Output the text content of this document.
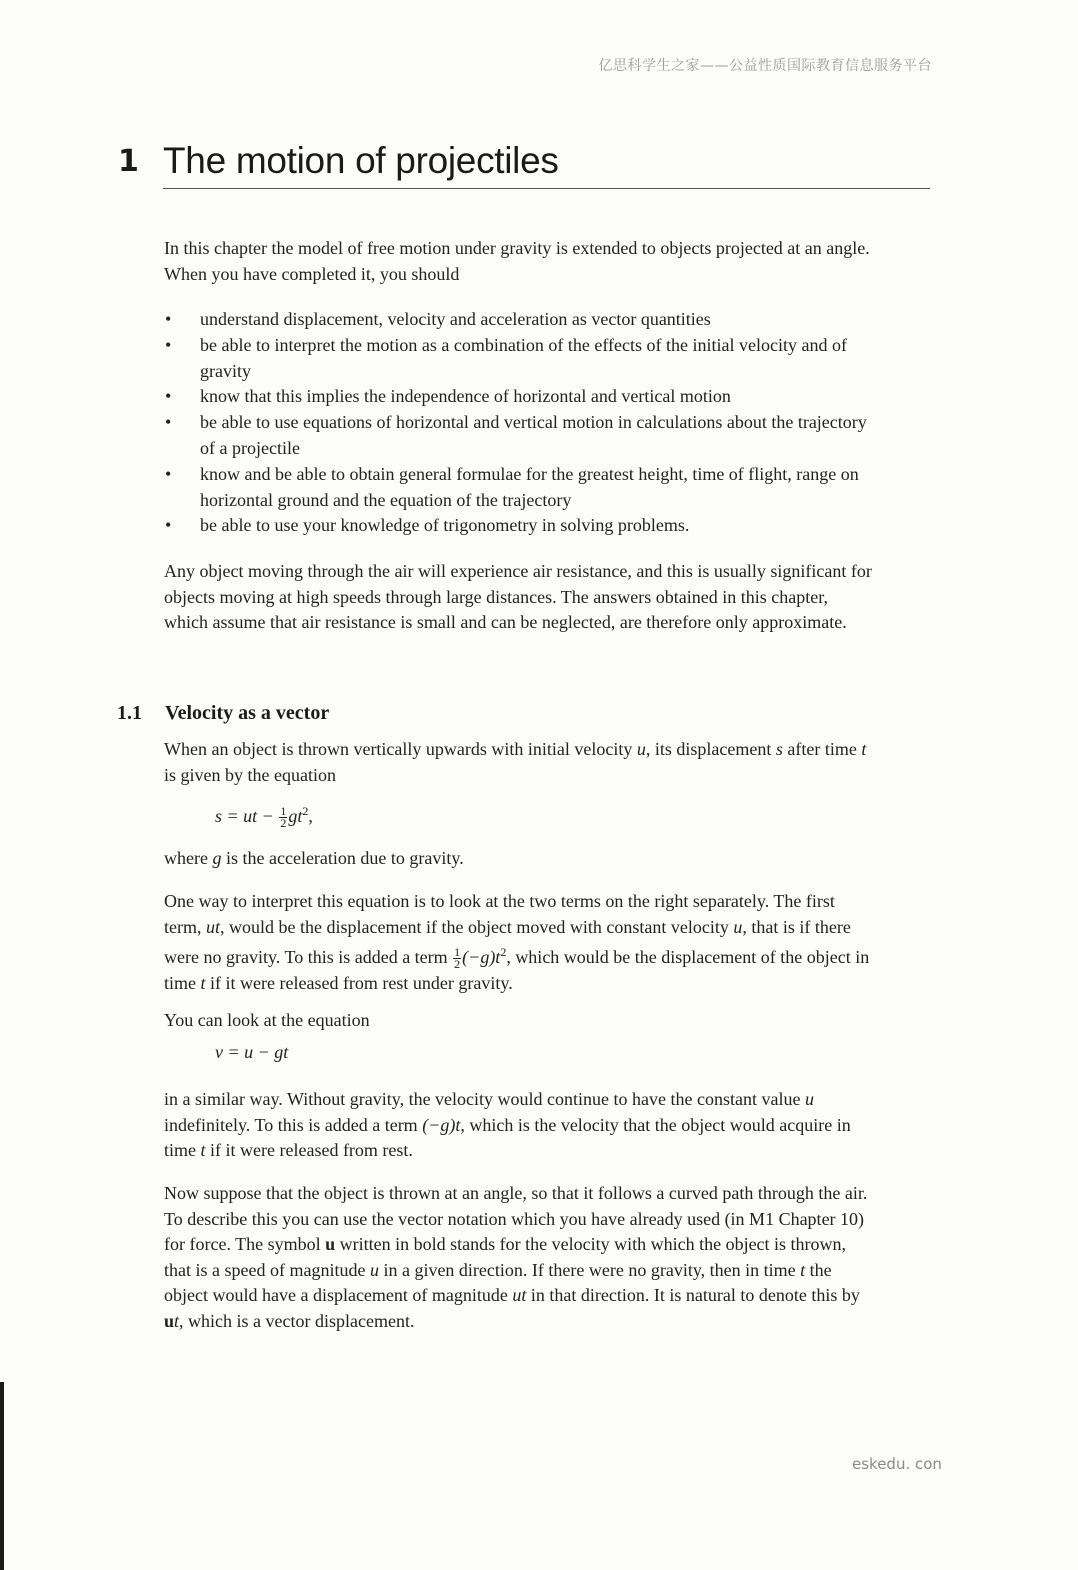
亿思科学生之家——公益性质国际教育信息服务平台
1 The motion of projectiles

In this chapter the model of free motion under gravity is extended to objects projected at an angle. When you have completed it, you should

• understand displacement, velocity and acceleration as vector quantities
• be able to interpret the motion as a combination of the effects of the initial velocity and of gravity
• know that this implies the independence of horizontal and vertical motion
• be able to use equations of horizontal and vertical motion in calculations about the trajectory of a projectile
• know and be able to obtain general formulae for the greatest height, time of flight, range on horizontal ground and the equation of the trajectory
• be able to use your knowledge of trigonometry in solving problems.

Any object moving through the air will experience air resistance, and this is usually significant for objects moving at high speeds through large distances. The answers obtained in this chapter, which assume that air resistance is small and can be neglected, are therefore only approximate.

1.1 Velocity as a vector

When an object is thrown vertically upwards with initial velocity u, its displacement s after time t is given by the equation

s = ut − $\frac{1}{2} gt^2$,

where g is the acceleration due to gravity.

One way to interpret this equation is to look at the two terms on the right separately. The first term, ut, would be the displacement if the object moved with constant velocity u, that is if there were no gravity. To this is added a term $\frac{1}{2} (-g)t^2$, which would be the displacement of the object in time t if it were released from rest under gravity.

You can look at the equation

v = u − gt

in a similar way. Without gravity, the velocity would continue to have the constant value u indefinitely. To this is added a term (−g)t, which is the velocity that the object would acquire in time t if it were released from rest.

Now suppose that the object is thrown at an angle, so that it follows a curved path through the air. To describe this you can use the vector notation which you have already used (in M1 Chapter 10) for force. The symbol u written in bold stands for the velocity with which the object is thrown, that is a speed of magnitude u in a given direction. If there were no gravity, then in time t the object would have a displacement of magnitude ut in that direction. It is natural to denote this by ut, which is a vector displacement.

eskedu. con
